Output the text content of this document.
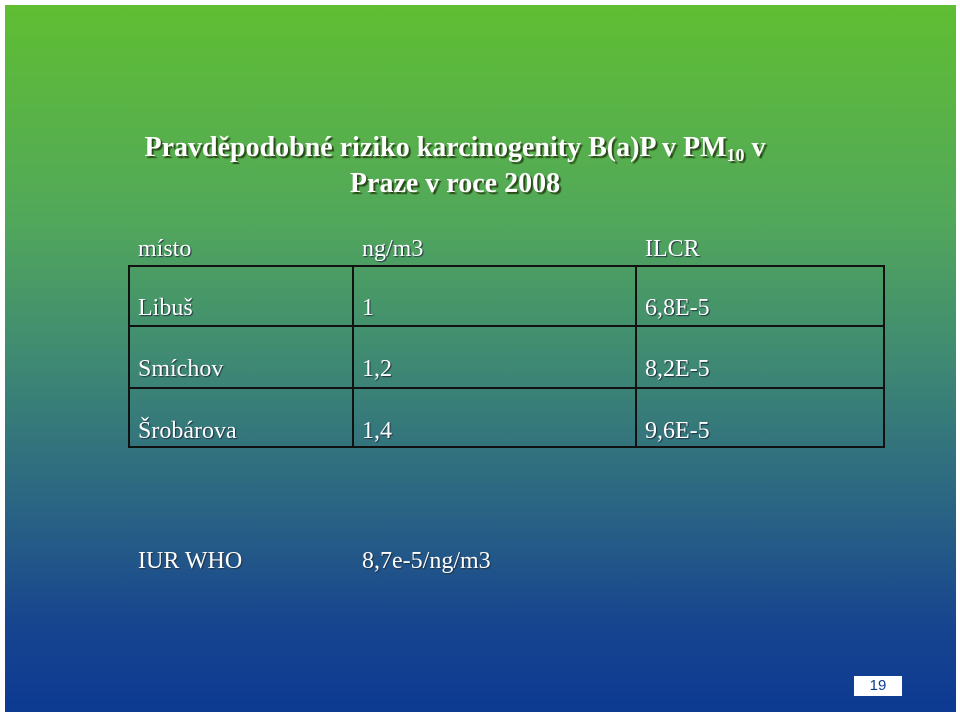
Pravděpodobné riziko karcinogenity B(a)P v $PM_{10}$ v
Praze v roce 2008
místo	ng/m3	ILCR
Libuš	1	6,8E-5
Smíchov	1,2	8,2E-5
Šrobárova	1,4	9,6E-5
IUR WHO	8,7e-5/ng/m3
19
